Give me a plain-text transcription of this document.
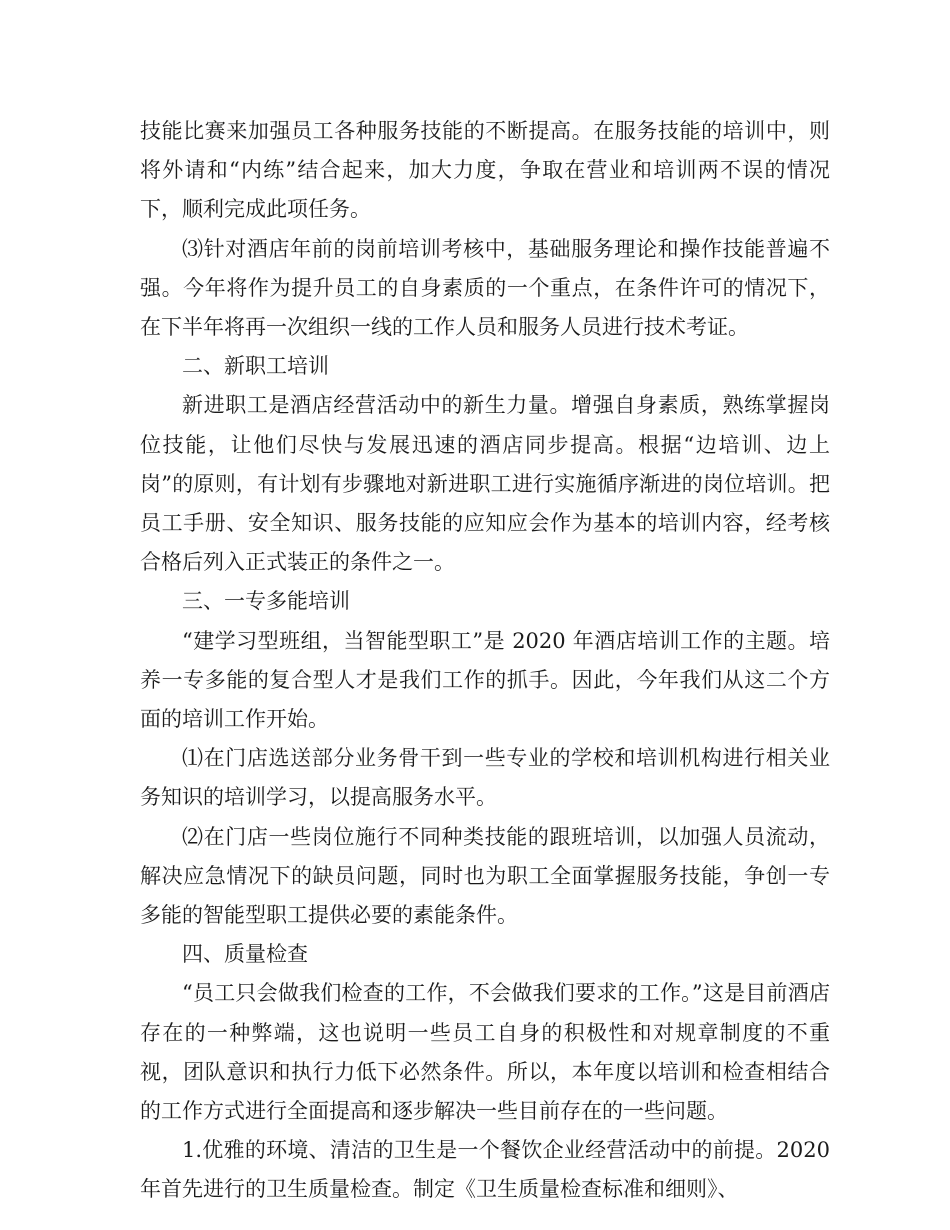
技能比赛来加强员工各种服务技能的不断提高。在服务技能的培训中，则将外请和“内练”结合起来，加大力度，争取在营业和培训两不误的情况下，顺利完成此项任务。

⑶针对酒店年前的岗前培训考核中，基础服务理论和操作技能普遍不强。今年将作为提升员工的自身素质的一个重点，在条件许可的情况下，在下半年将再一次组织一线的工作人员和服务人员进行技术考证。

二、新职工培训

新进职工是酒店经营活动中的新生力量。增强自身素质，熟练掌握岗位技能，让他们尽快与发展迅速的酒店同步提高。根据“边培训、边上岗”的原则，有计划有步骤地对新进职工进行实施循序渐进的岗位培训。把员工手册、安全知识、服务技能的应知应会作为基本的培训内容，经考核合格后列入正式装正的条件之一。

三、一专多能培训

“建学习型班组，当智能型职工”是 2020 年酒店培训工作的主题。培养一专多能的复合型人才是我们工作的抓手。因此，今年我们从这二个方面的培训工作开始。

⑴在门店选送部分业务骨干到一些专业的学校和培训机构进行相关业务知识的培训学习，以提高服务水平。

⑵在门店一些岗位施行不同种类技能的跟班培训，以加强人员流动，解决应急情况下的缺员问题，同时也为职工全面掌握服务技能，争创一专多能的智能型职工提供必要的素能条件。

四、质量检查

“员工只会做我们检查的工作，不会做我们要求的工作。”这是目前酒店存在的一种弊端，这也说明一些员工自身的积极性和对规章制度的不重视，团队意识和执行力低下必然条件。所以，本年度以培训和检查相结合的工作方式进行全面提高和逐步解决一些目前存在的一些问题。

1.优雅的环境、清洁的卫生是一个餐饮企业经营活动中的前提。2020 年首先进行的卫生质量检查。制定《卫生质量检查标准和细则》、
